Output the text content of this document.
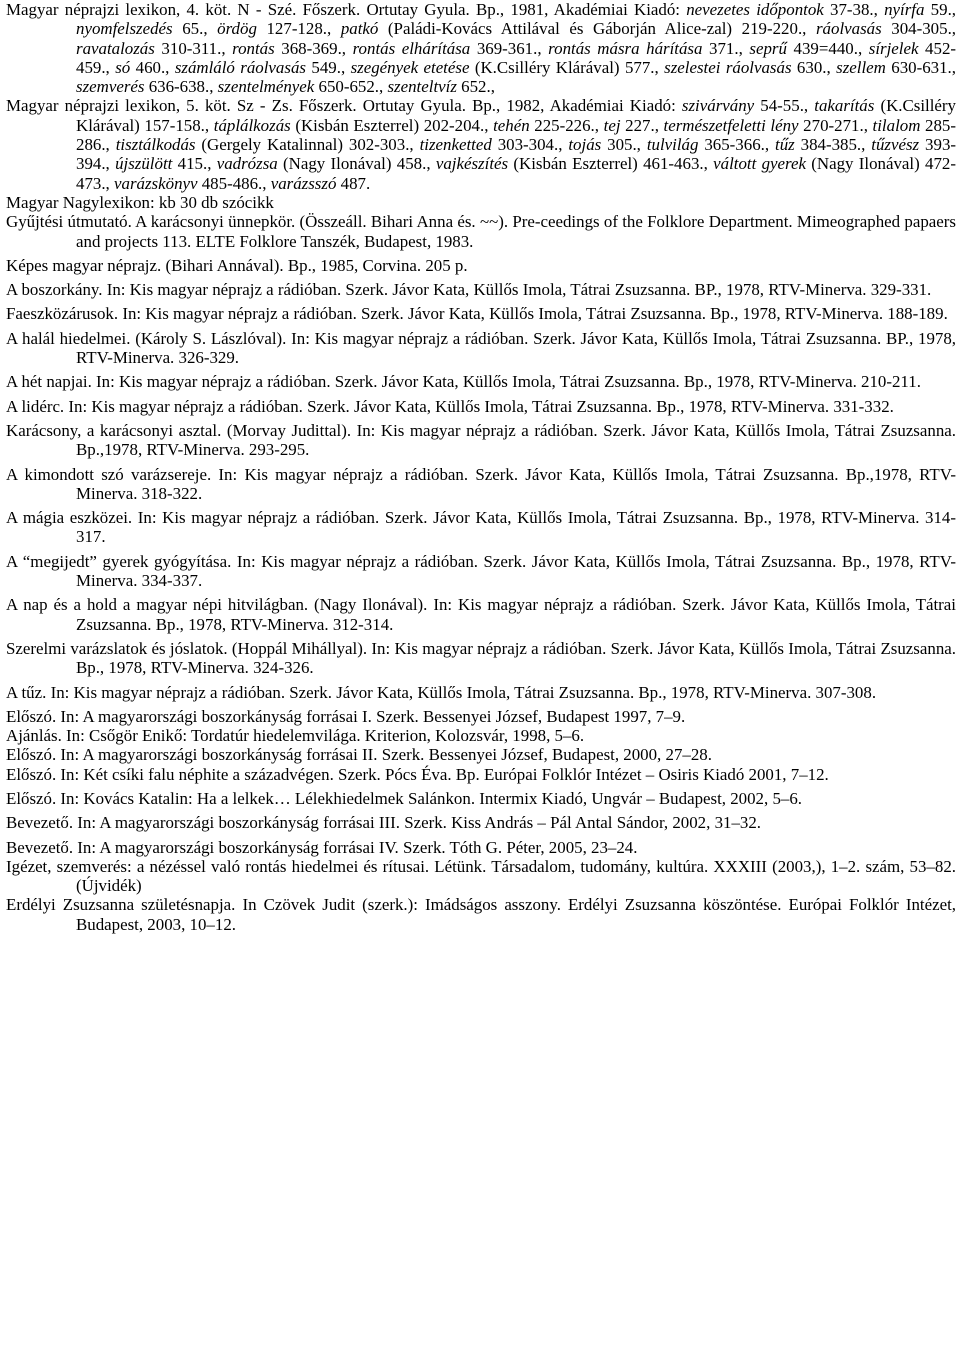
Magyar néprajzi lexikon, 4. köt. N - Szé. Főszerk. Ortutay Gyula. Bp., 1981, Akadémiai Kiadó: nevezetes időpontok 37-38., nyírfa 59., nyomfelszedés 65., ördög 127-128., patkó (Paládi-Kovács Attilával és Gáborján Alice-zal) 219-220., ráolvasás 304-305., ravatalozás 310-311., rontás 368-369., rontás elhárítása 369-361., rontás másra hárítása 371., seprű 439=440., sírjelek 452-459., só 460., számláló ráolvasás 549., szegények etetése (K.Csilléry Klárával) 577., szelestei ráolvasás 630., szellem 630-631., szemverés 636-638., szentelmények 650-652., szenteltvíz 652.,

Magyar néprajzi lexikon, 5. köt. Sz - Zs. Főszerk. Ortutay Gyula. Bp., 1982, Akadémiai Kiadó: szivárvány 54-55., takarítás (K.Csilléry Klárával) 157-158., táplálkozás (Kisbán Eszterrel) 202-204., tehén 225-226., tej 227., természetfeletti lény 270-271., tilalom 285-286., tisztálkodás (Gergely Katalinnal) 302-303., tizenketted 303-304., tojás 305., tulvilág 365-366., tűz 384-385., tűzvész 393-394., újszülött 415., vadrózsa (Nagy Ilonával) 458., vajkészítés (Kisbán Eszterrel) 461-463., váltott gyerek (Nagy Ilonával) 472-473., varázskönyv 485-486., varázsszó 487.

Magyar Nagylexikon: kb 30 db szócikk

Gyűjtési útmutató. A karácsonyi ünnepkör. (Összeáll. Bihari Anna és. ~~). Pre-ceedings of the Folklore Department. Mimeographed papaers and projects 113. ELTE Folklore Tanszék, Budapest, 1983.

Képes magyar néprajz. (Bihari Annával). Bp., 1985, Corvina. 205 p.

A boszorkány. In: Kis magyar néprajz a rádióban. Szerk. Jávor Kata, Küllős Imola, Tátrai Zsuzsanna. BP., 1978, RTV-Minerva. 329-331.

Faeszközárusok. In: Kis magyar néprajz a rádióban. Szerk. Jávor Kata, Küllős Imola, Tátrai Zsuzsanna. Bp., 1978, RTV-Minerva. 188-189.

A halál hiedelmei. (Károly S. Lászlóval). In: Kis magyar néprajz a rádióban. Szerk. Jávor Kata, Küllős Imola, Tátrai Zsuzsanna. BP., 1978, RTV-Minerva. 326-329.

A hét napjai. In: Kis magyar néprajz a rádióban. Szerk. Jávor Kata, Küllős Imola, Tátrai Zsuzsanna. Bp., 1978, RTV-Minerva. 210-211.

A lidérc. In: Kis magyar néprajz a rádióban. Szerk. Jávor Kata, Küllős Imola, Tátrai Zsuzsanna. Bp., 1978, RTV-Minerva. 331-332.

Karácsony, a karácsonyi asztal. (Morvay Judittal). In: Kis magyar néprajz a rádióban. Szerk. Jávor Kata, Küllős Imola, Tátrai Zsuzsanna. Bp.,1978, RTV-Minerva. 293-295.

A kimondott szó varázsereje. In: Kis magyar néprajz a rádióban. Szerk. Jávor Kata, Küllős Imola, Tátrai Zsuzsanna. Bp.,1978, RTV-Minerva. 318-322.

A mágia eszközei. In: Kis magyar néprajz a rádióban. Szerk. Jávor Kata, Küllős Imola, Tátrai Zsuzsanna. Bp., 1978, RTV-Minerva. 314-317.

A “megijedt” gyerek gyógyítása. In: Kis magyar néprajz a rádióban. Szerk. Jávor Kata, Küllős Imola, Tátrai Zsuzsanna. Bp., 1978, RTV-Minerva. 334-337.

A nap és a hold a magyar népi hitvilágban. (Nagy Ilonával). In: Kis magyar néprajz a rádióban. Szerk. Jávor Kata, Küllős Imola, Tátrai Zsuzsanna. Bp., 1978, RTV-Minerva. 312-314.

Szerelmi varázslatok és jóslatok. (Hoppál Mihállyal). In: Kis magyar néprajz a rádióban. Szerk. Jávor Kata, Küllős Imola, Tátrai Zsuzsanna. Bp., 1978, RTV-Minerva. 324-326.

A tűz. In: Kis magyar néprajz a rádióban. Szerk. Jávor Kata, Küllős Imola, Tátrai Zsuzsanna. Bp., 1978, RTV-Minerva. 307-308.

Előszó. In: A magyarországi boszorkányság forrásai I. Szerk. Bessenyei József, Budapest 1997, 7–9.

Ajánlás. In: Csőgör Enikő: Tordatúr hiedelemvilága. Kriterion, Kolozsvár, 1998, 5–6.

Előszó. In: A magyarországi boszorkányság forrásai II. Szerk. Bessenyei József, Budapest, 2000, 27–28.

Előszó. In: Két csíki falu néphite a századvégen. Szerk. Pócs Éva. Bp. Európai Folklór Intézet – Osiris Kiadó 2001, 7–12.

Előszó. In: Kovács Katalin: Ha a lelkek… Lélekhiedelmek Salánkon. Intermix Kiadó, Ungvár – Budapest, 2002, 5–6.

Bevezető. In: A magyarországi boszorkányság forrásai III. Szerk. Kiss András – Pál Antal Sándor, 2002, 31–32.

Bevezető. In: A magyarországi boszorkányság forrásai IV. Szerk. Tóth G. Péter, 2005, 23–24.

Igézet, szemverés: a nézéssel való rontás hiedelmei és rítusai. Létünk. Társadalom, tudomány, kultúra. XXXIII (2003,), 1–2. szám, 53–82. (Újvidék)

Erdélyi Zsuzsanna születésnapja. In Czövek Judit (szerk.): Imádságos asszony. Erdélyi Zsuzsanna köszöntése. Európai Folklór Intézet, Budapest, 2003, 10–12.
